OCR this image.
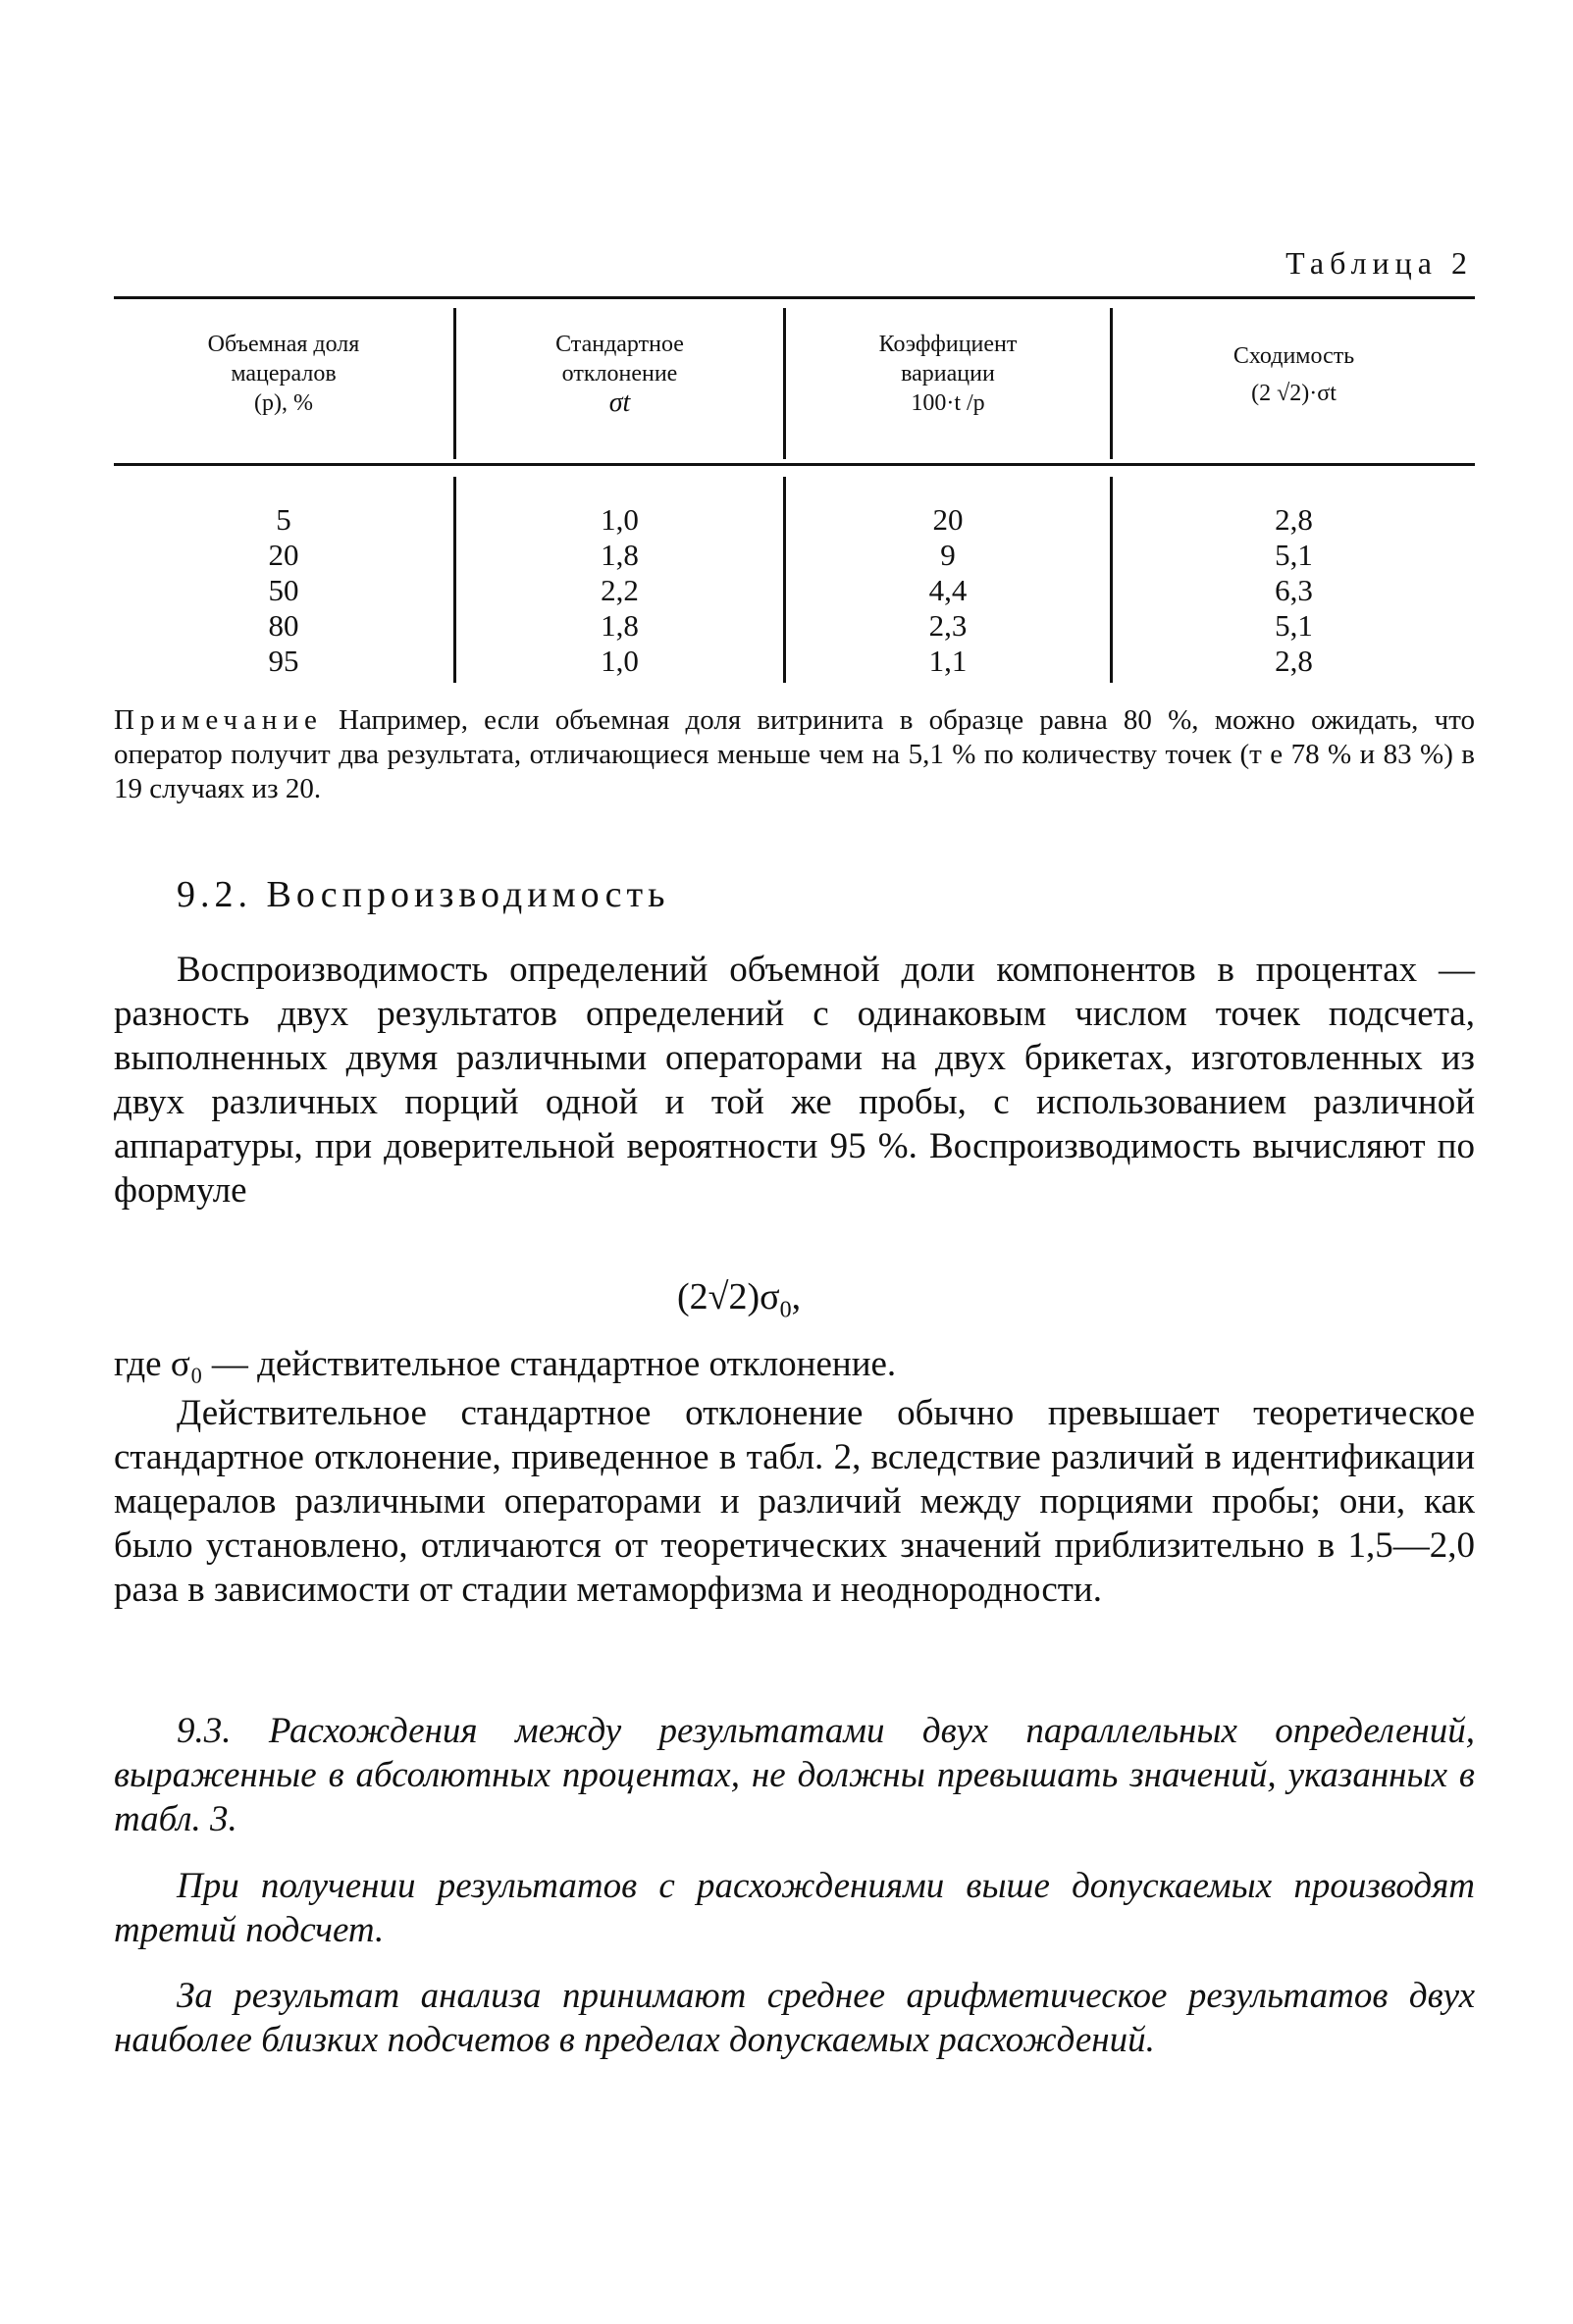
Таблица 2
Объемная доля
мацералов
(p), %
Стандартное
отклонение
σt
Коэффициент
вариации
100·t /p
Сходимость
(2 √2)·σt
5
20
50
80
95
1,0
1,8
2,2
1,8
1,0
20
9
4,4
2,3
1,1
2,8
5,1
6,3
5,1
2,8
Примечание Например, если объемная доля витринита в образце равна 80 %, можно ожидать, что оператор получит два результата, отличающиеся меньше чем на 5,1 % по количеству точек (т е 78 % и 83 %) в 19 случаях из 20.
9.2. Воспроизводимость
Воспроизводимость определений объемной доли компонентов в процентах — разность двух результатов определений с одинаковым числом точек подсчета, выполненных двумя различными операторами на двух брикетах, изготовленных из двух различных порций одной и той же пробы, с использованием различной аппаратуры, при доверительной вероятности 95 %. Воспроизводимость вычисляют по формуле
$(2√2)\sigma_0$,
где σ₀ — действительное стандартное отклонение.
Действительное стандартное отклонение обычно превышает теоретическое стандартное отклонение, приведенное в табл. 2, вследствие различий в идентификации мацералов различными операторами и различий между порциями пробы; они, как было установлено, отличаются от теоретических значений приблизительно в 1,5—2,0 раза в зависимости от стадии метаморфизма и неоднородности.
9.3. Расхождения между результатами двух параллельных определений, выраженные в абсолютных процентах, не должны превышать значений, указанных в табл. 3.
При получении результатов с расхождениями выше допускаемых производят третий подсчет.
За результат анализа принимают среднее арифметическое результатов двух наиболее близких подсчетов в пределах допускаемых расхождений.
